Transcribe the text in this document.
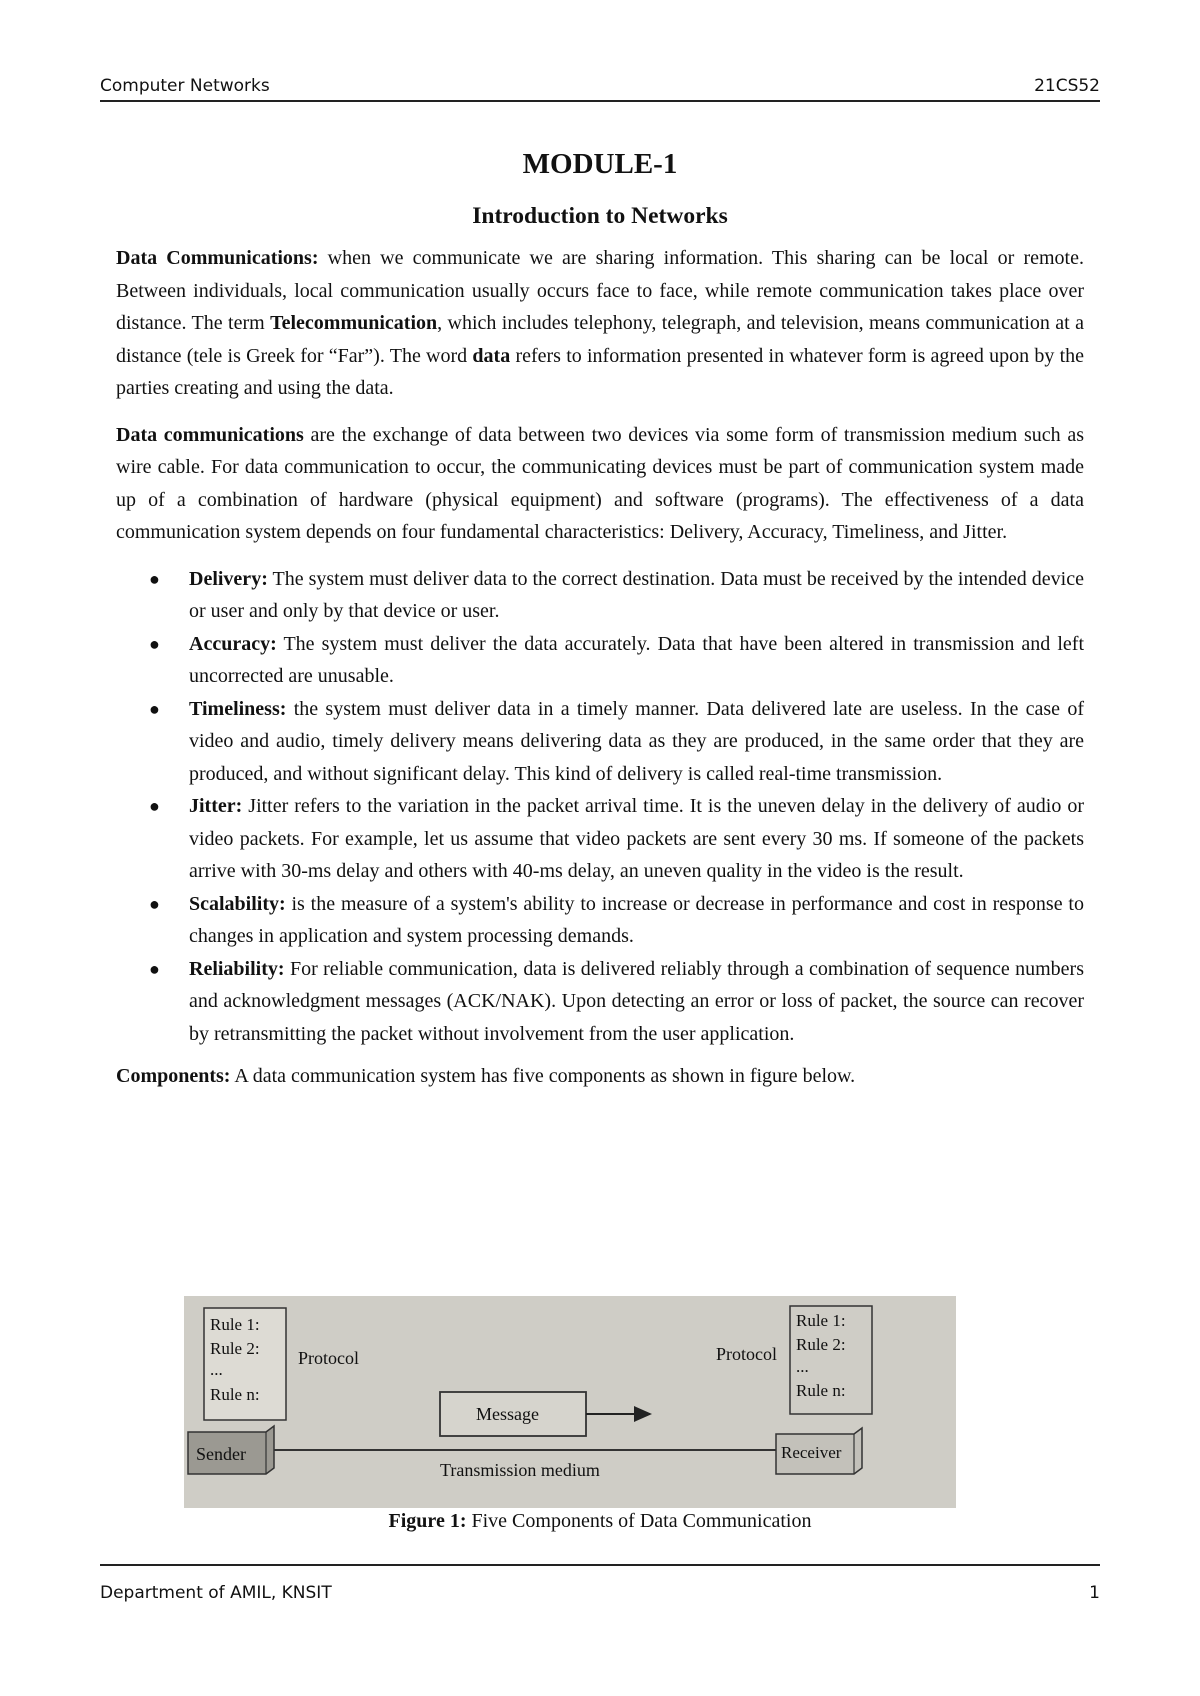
Computer Networks	21CS52
MODULE-1
Introduction to Networks

Data Communications: when we communicate we are sharing information. This sharing can be local or remote. Between individuals, local communication usually occurs face to face, while remote communication takes place over distance. The term Telecommunication, which includes telephony, telegraph, and television, means communication at a distance (tele is Greek for “Far”). The word data refers to information presented in whatever form is agreed upon by the parties creating and using the data.

Data communications are the exchange of data between two devices via some form of transmission medium such as wire cable. For data communication to occur, the communicating devices must be part of communication system made up of a combination of hardware (physical equipment) and software (programs). The effectiveness of a data communication system depends on four fundamental characteristics: Delivery, Accuracy, Timeliness, and Jitter.

● Delivery: The system must deliver data to the correct destination. Data must be received by the intended device or user and only by that device or user.
● Accuracy: The system must deliver the data accurately. Data that have been altered in transmission and left uncorrected are unusable.
● Timeliness: the system must deliver data in a timely manner. Data delivered late are useless. In the case of video and audio, timely delivery means delivering data as they are produced, in the same order that they are produced, and without significant delay. This kind of delivery is called real-time transmission.
● Jitter: Jitter refers to the variation in the packet arrival time. It is the uneven delay in the delivery of audio or video packets. For example, let us assume that video packets are sent every 30 ms. If someone of the packets arrive with 30-ms delay and others with 40-ms delay, an uneven quality in the video is the result.
● Scalability: is the measure of a system's ability to increase or decrease in performance and cost in response to changes in application and system processing demands.
● Reliability: For reliable communication, data is delivered reliably through a combination of sequence numbers and acknowledgment messages (ACK/NAK). Upon detecting an error or loss of packet, the source can recover by retransmitting the packet without involvement from the user application.

Components: A data communication system has five components as shown in figure below.

Rule 1:
Rule 2:
...
Rule n:
Protocol
Rule 1:
Rule 2:
...
Rule n:
Protocol
Message
Sender	Receiver
Transmission medium
Figure 1: Five Components of Data Communication
Department of AMIL, KNSIT	1
